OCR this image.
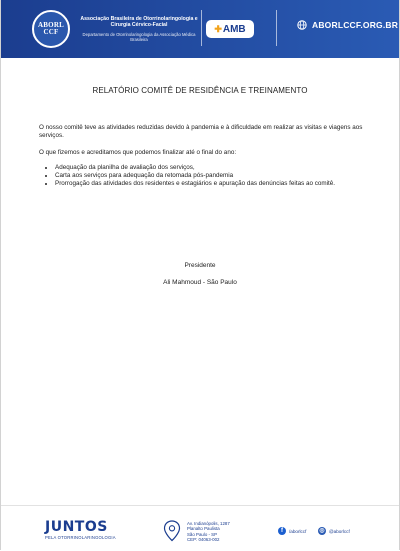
ABORL CCF
Associação Brasileira de Otorrinolaringologia e Cirurgia Cérvico-Facial
Departamento de Otorrinolaringologia da Associação Médica Brasileira
✚ AMB	ABORLCCF.ORG.BR
RELATÓRIO COMITÊ DE RESIDÊNCIA E TREINAMENTO

O nosso comitê teve as atividades reduzidas devido à pandemia e à dificuldade em realizar as visitas e viagens aos serviços.

O que fizemos e acreditamos que podemos finalizar até o final do ano:

• Adequação da planilha de avaliação dos serviços,
• Carta aos serviços para adequação da retomada pós-pandemia
• Prorrogação das atividades dos residentes e estagiários e apuração das denúncias feitas ao comitê.
Presidente
Ali Mahmoud - São Paulo
JUNTOS
PELA OTORRINOLARINGOLOGIA
Av. Indianópolis, 1287
Planalto Paulista
São Paulo - SP
CEP: 04063-002
f	/aborlccf ◎ @aborlccf
